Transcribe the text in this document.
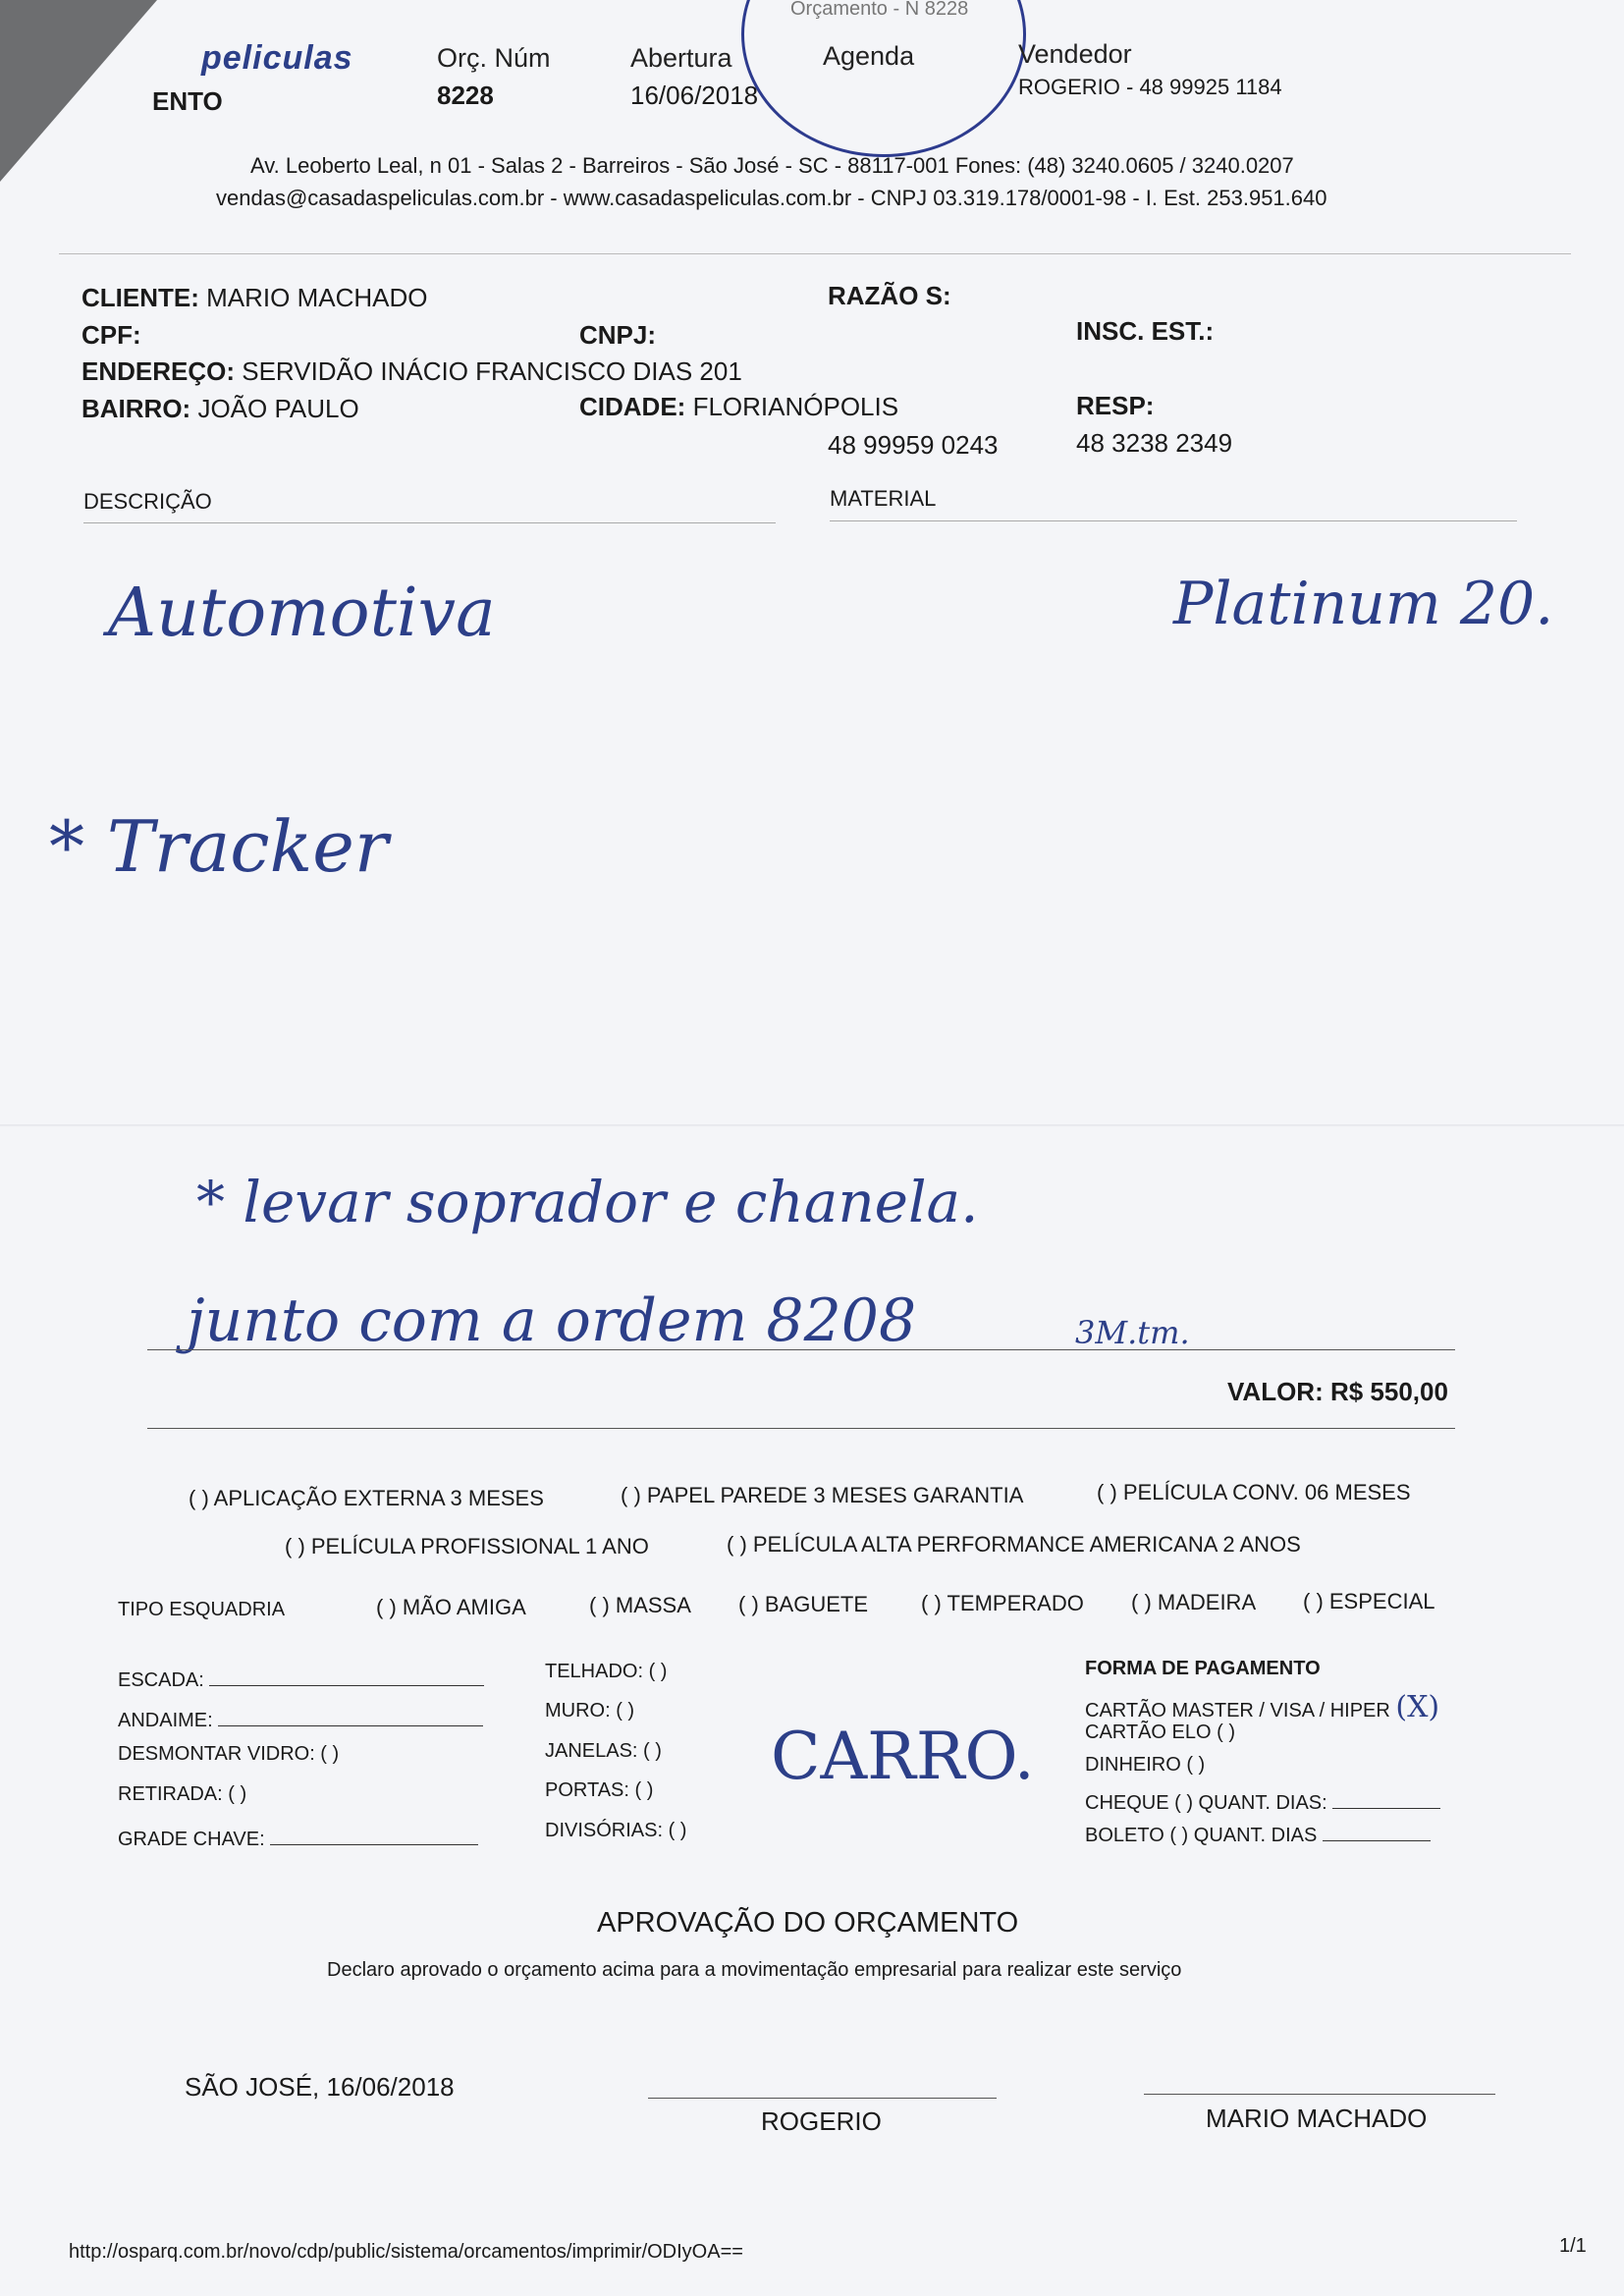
Orçamento - N 8228
peliculas
ENTO
Orç. Núm
8228
Abertura
16/06/2018
Agenda	Vendedor
ROGERIO - 48 99925 1184
Av. Leoberto Leal, n 01 - Salas 2 - Barreiros - São José - SC - 88117-001 Fones: (48) 3240.0605 / 3240.0207
vendas@casadaspeliculas.com.br - www.casadaspeliculas.com.br - CNPJ 03.319.178/0001-98 - I. Est. 253.951.640
CLIENTE: MARIO MACHADO	RAZÃO S:
CPF:	CNPJ:	INSC. EST.:
ENDEREÇO: SERVIDÃO INÁCIO FRANCISCO DIAS 201
BAIRRO: JOÃO PAULO	CIDADE: FLORIANÓPOLIS	RESP:
48 99959 0243	48 3238 2349
DESCRIÇÃO	MATERIAL
Automotiva	Platinum 20.
* Tracker
* levar soprador e chanela.
junto com a ordem 8208	3M.tm.
CARRO.
VALOR: R$ 550,00
( ) APLICAÇÃO EXTERNA 3 MESES	( ) PAPEL PAREDE 3 MESES GARANTIA	( ) PELÍCULA CONV. 06 MESES
( ) PELÍCULA PROFISSIONAL 1 ANO	( ) PELÍCULA ALTA PERFORMANCE AMERICANA 2 ANOS
TIPO ESQUADRIA	( ) MÃO AMIGA	( ) MASSA ( ) BAGUETE ( ) TEMPERADO ( ) MADEIRA ( ) ESPECIAL
ESCADA:
ANDAIME:
DESMONTAR VIDRO: ( )
RETIRADA: ( )
GRADE CHAVE:
TELHADO: ( )
MURO: ( )
JANELAS: ( )
PORTAS: ( )
DIVISÓRIAS: ( )
FORMA DE PAGAMENTO
CARTÃO MASTER / VISA / HIPER (X)
CARTÃO ELO ( )
DINHEIRO ( )
CHEQUE ( ) QUANT. DIAS:
BOLETO ( ) QUANT. DIAS
APROVAÇÃO DO ORÇAMENTO
Declaro aprovado o orçamento acima para a movimentação empresarial para realizar este serviço
SÃO JOSÉ, 16/06/2018
ROGERIO	MARIO MACHADO
http://osparq.com.br/novo/cdp/public/sistema/orcamentos/imprimir/ODIyOA==	1/1
